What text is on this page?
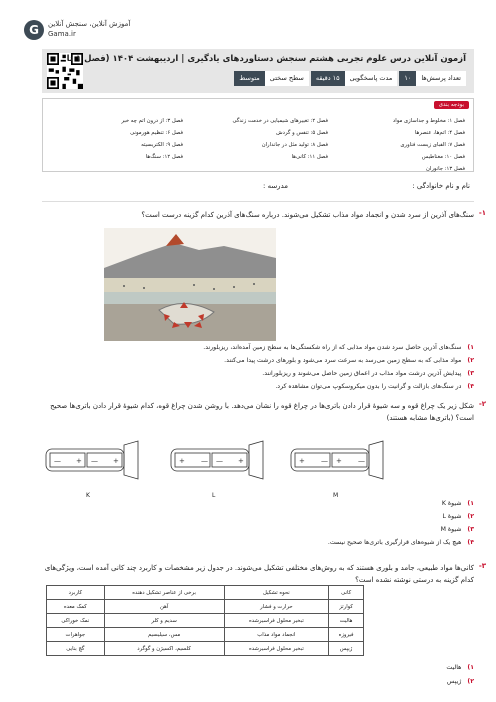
G	آموزش آنلاین، سنجش آنلاین
Gama.ir
آزمون آنلاین درس علوم تجربی هشتم سنجش دستاوردهای یادگیری | اردیبهشت ۱۴۰۴ (فصل ۱ تا
تعداد پرسش‌ها
۱۰
مدت پاسخگویی
۱۵ دقیقه
سطح سختی
متوسط
بودجه بندی
فصل ۱: مخلوط و جداسازی مواد
فصل ۴: اتم‌ها، عنصرها
فصل ۷: الفبای زیست فناوری
فصل ۱۰: مغناطیس
فصل ۱۳: جانوران
فصل ۲: تغییرهای شیمیایی در خدمت زندگی
فصل ۵: تنفس و گردش
فصل ۸: تولید مثل در جانداران
فصل ۱۱: کانی‌ها
فصل ۳: از درون اتم چه خبر
فصل ۶: تنظیم هورمونی
فصل ۹: الکتریسیته
فصل ۱۲: سنگ‌ها
نام و نام خانوادگی :
مدرسه :
-۱
سنگ‌های آذرین از سرد شدن و انجماد مواد مذاب تشکیل می‌شوند. درباره سنگ‌های آذرین کدام گزینه درست است؟
۱)
سنگ‌های آذرین حاصل سرد شدن مواد مذابی که از راه شکستگی‌ها به سطح زمین آمده‌اند، ریزبلورند.
۲)
مواد مذابی که به سطح زمین می‌رسد به سرعت سرد می‌شود و بلورهای درشت پیدا می‌کنند.
۳)
پیدایش آذرین درشت مواد مذاب در اعماق زمین حاصل می‌شوند و ریزبلورانند.
۴)
در سنگ‌های بازالت و گرانیت را بدون میکروسکوپ می‌توان مشاهده کرد.
-۲
شکل زیر یک چراغ قوه و سه شیوهٔ قرار دادن باتری‌ها در چراغ قوه را نشان می‌دهد. با روشن شدن چراغ قوه، کدام شیوهٔ قرار دادن باتری‌ها صحیح است؟ (باتری‌ها مشابه هستند)
— + — +	+ — — +	+ — + —
K	L	M
۱)
شیوهٔ K
۲)
شیوهٔ L
۳)
شیوهٔ M
۴)
هیچ یک از شیوه‌های قرارگیری باتری‌ها صحیح نیست.
-۳
کانی‌ها مواد طبیعی، جامد و بلوری هستند که به روش‌های مختلفی تشکیل می‌شوند. در جدول زیر مشخصات و کاربرد چند کانی آمده است، ویژگی‌های کدام گزینه به درستی نوشته نشده است؟
کانی	نحوه تشکیل	برخی از عناصر تشکیل دهنده	کاربرد
کوارتز	حرارت و فشار	آهن	کمک معده
هالیت	تبخیر محلول فراسیرشده	سدیم و کلر	نمک خوراکی
فیروزه	انجماد مواد مذاب	مس، سیلیسیم	جواهرات
ژیپس	تبخیر محلول فراسیرشده	کلسیم، اکسیژن و گوگرد	گچ بنایی
۱)
هالیت
۲)
ژیپس
